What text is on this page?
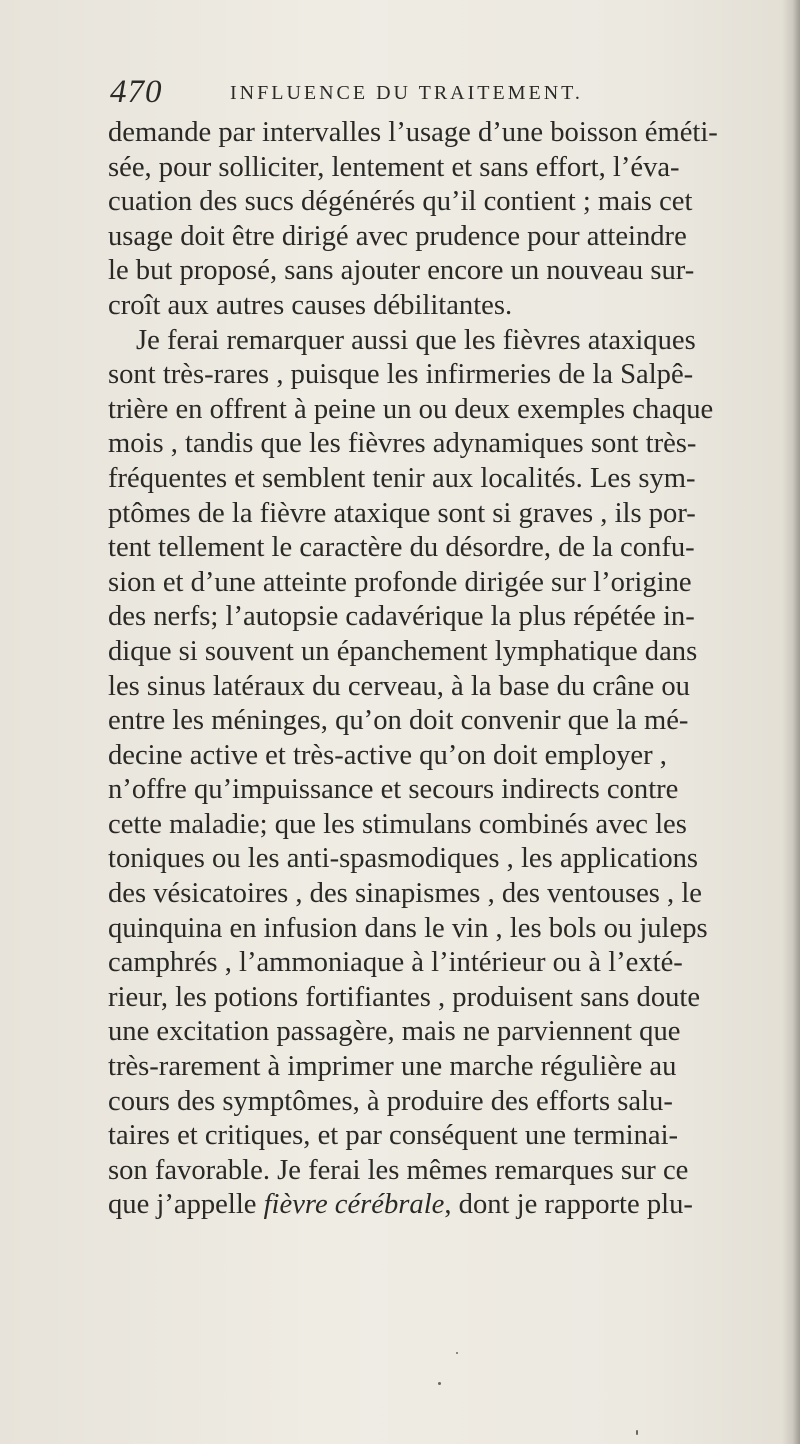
470	INFLUENCE DU TRAITEMENT.
demande par intervalles l’usage d’une boisson éméti-
sée, pour solliciter, lentement et sans effort, l’éva-
cuation des sucs dégénérés qu’il contient ; mais cet
usage doit être dirigé avec prudence pour atteindre
le but proposé, sans ajouter encore un nouveau sur-
croît aux autres causes débilitantes.
Je ferai remarquer aussi que les fièvres ataxiques
sont très-rares , puisque les infirmeries de la Salpê-
trière en offrent à peine un ou deux exemples chaque
mois , tandis que les fièvres adynamiques sont très-
fréquentes et semblent tenir aux localités. Les sym-
ptômes de la fièvre ataxique sont si graves , ils por-
tent tellement le caractère du désordre, de la confu-
sion et d’une atteinte profonde dirigée sur l’origine
des nerfs; l’autopsie cadavérique la plus répétée in-
dique si souvent un épanchement lymphatique dans
les sinus latéraux du cerveau, à la base du crâne ou
entre les méninges, qu’on doit convenir que la mé-
decine active et très-active qu’on doit employer ,
n’offre qu’impuissance et secours indirects contre
cette maladie; que les stimulans combinés avec les
toniques ou les anti-spasmodiques , les applications
des vésicatoires , des sinapismes , des ventouses , le
quinquina en infusion dans le vin , les bols ou juleps
camphrés , l’ammoniaque à l’intérieur ou à l’exté-
rieur, les potions fortifiantes , produisent sans doute
une excitation passagère, mais ne parviennent que
très-rarement à imprimer une marche régulière au
cours des symptômes, à produire des efforts salu-
taires et critiques, et par conséquent une terminai-
son favorable. Je ferai les mêmes remarques sur ce
que j’appelle fièvre cérébrale, dont je rapporte plu-
